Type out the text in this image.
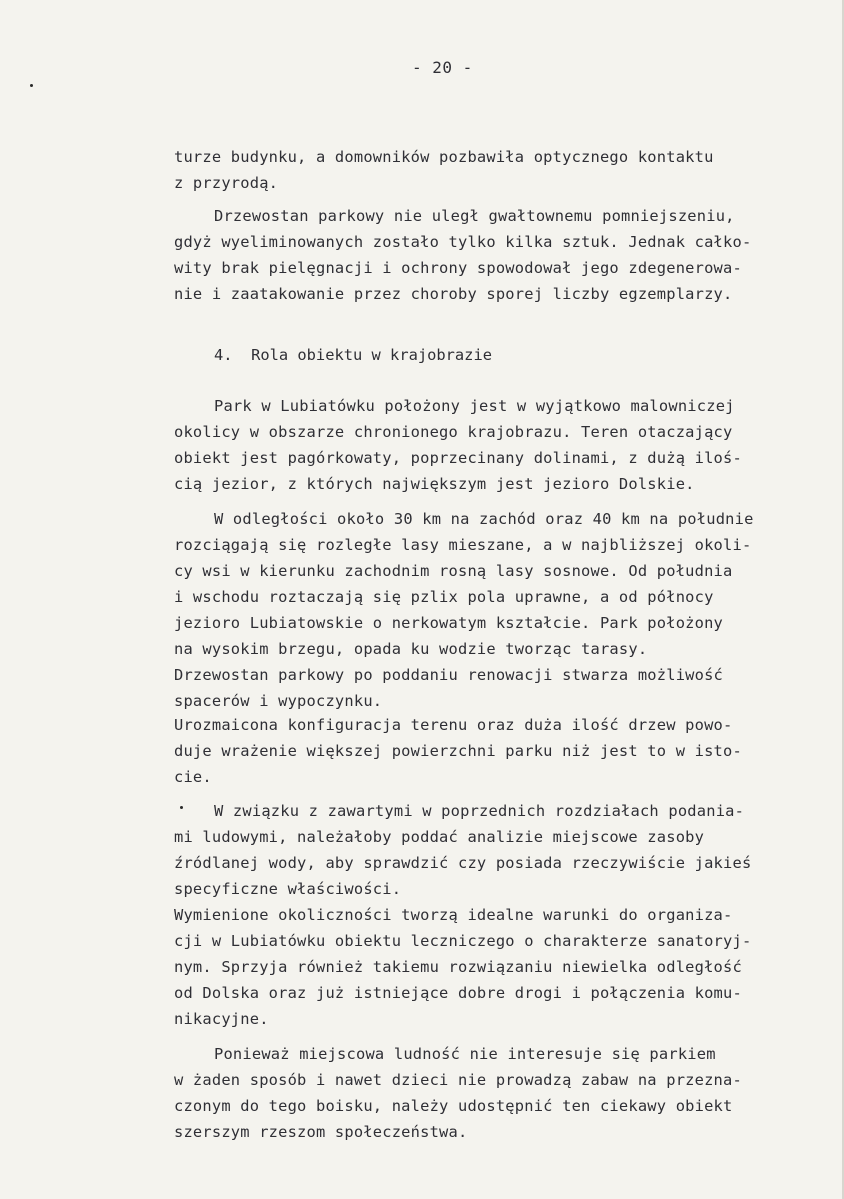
- 20 -
turze budynku, a domowników pozbawiła optycznego kontaktu
z przyrodą.
Drzewostan parkowy nie uległ gwałtownemu pomniejszeniu,
gdyż wyeliminowanych zostało tylko kilka sztuk. Jednak całko-
wity brak pielęgnacji i ochrony spowodował jego zdegenerowa-
nie i zaatakowanie przez choroby sporej liczby egzemplarzy.
4.  Rola obiektu w krajobrazie
Park w Lubiatówku położony jest w wyjątkowo malowniczej
okolicy w obszarze chronionego krajobrazu. Teren otaczający
obiekt jest pagórkowaty, poprzecinany dolinami, z dużą iloś-
cią jezior, z których największym jest jezioro Dolskie.
W odległości około 30 km na zachód oraz 40 km na południe
rozciągają się rozległe lasy mieszane, a w najbliższej okoli-
cy wsi w kierunku zachodnim rosną lasy sosnowe. Od południa
i wschodu roztaczają się pzlix pola uprawne, a od północy
jezioro Lubiatowskie o nerkowatym kształcie. Park położony
na wysokim brzegu, opada ku wodzie tworząc tarasy.
Drzewostan parkowy po poddaniu renowacji stwarza możliwość
spacerów i wypoczynku.
Urozmaicona konfiguracja terenu oraz duża ilość drzew powo-
duje wrażenie większej powierzchni parku niż jest to w isto-
cie.
W związku z zawartymi w poprzednich rozdziałach podania-
mi ludowymi, należałoby poddać analizie miejscowe zasoby
źródlanej wody, aby sprawdzić czy posiada rzeczywiście jakieś
specyficzne właściwości.
Wymienione okoliczności tworzą idealne warunki do organiza-
cji w Lubiatówku obiektu leczniczego o charakterze sanatoryj-
nym. Sprzyja również takiemu rozwiązaniu niewielka odległość
od Dolska oraz już istniejące dobre drogi i połączenia komu-
nikacyjne.
Ponieważ miejscowa ludność nie interesuje się parkiem
w żaden sposób i nawet dzieci nie prowadzą zabaw na przezna-
czonym do tego boisku, należy udostępnić ten ciekawy obiekt
szerszym rzeszom społeczeństwa.
